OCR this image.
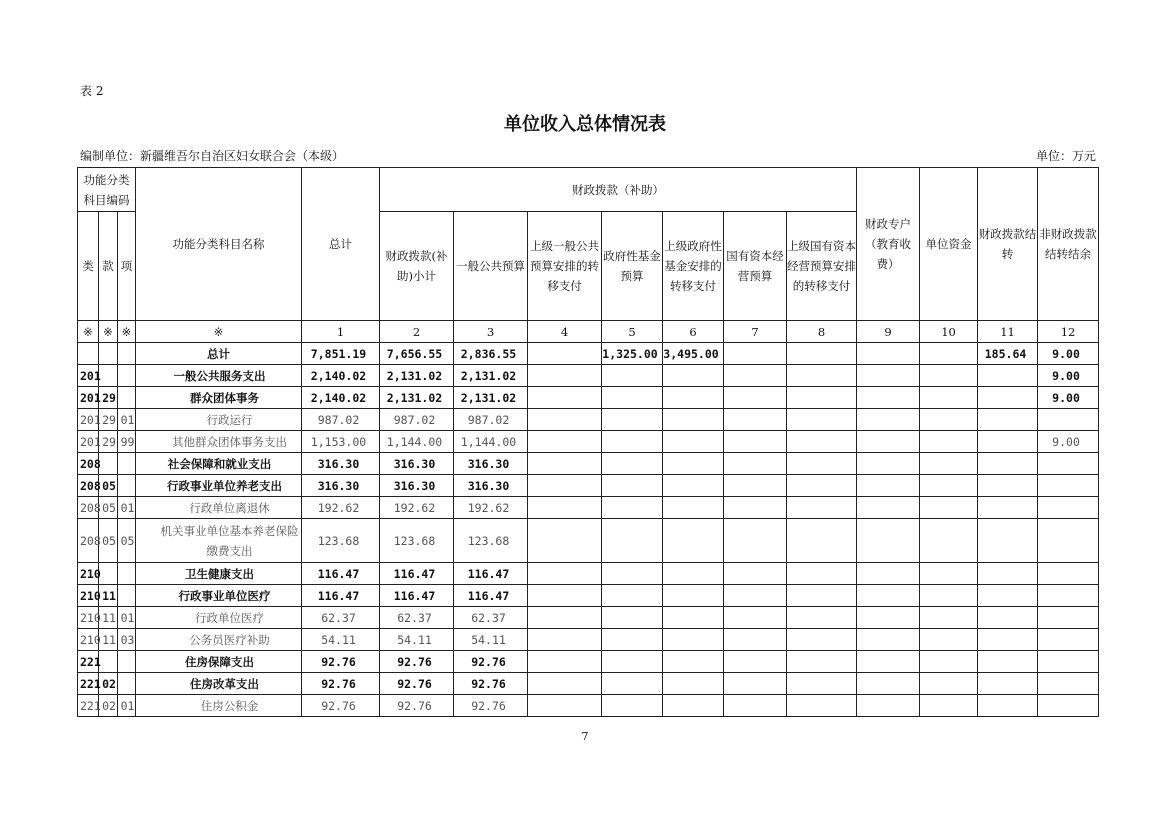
表 2
单位收入总体情况表
编制单位：新疆维吾尔自治区妇女联合会（本级）	单位：万元
功能分类科目编码			功能分类科目名称	总计	财政拨款（补助）							财政专户（教育收费）	单位资金	财政拨款结转	非财政拨款结转结余
类	款	项			财政拨款(补助)小计	一般公共预算	上级一般公共预算安排的转移支付	政府性基金预算	上级政府性基金安排的转移支付	国有资本经营预算	上级国有资本经营预算安排的转移支付				
※	※	※	※	1	2	3	4	5	6	7	8	9	10	11	12
			总计	7,851.19	7,656.55	2,836.55		1,325.00	3,495.00					185.64	9.00
201			一般公共服务支出	2,140.02	2,131.02	2,131.02									9.00
201	29		群众团体事务	2,140.02	2,131.02	2,131.02									9.00
201	29	01	行政运行	987.02	987.02	987.02									
201	29	99	其他群众团体事务支出	1,153.00	1,144.00	1,144.00									9.00
208			社会保障和就业支出	316.30	316.30	316.30									
208	05		行政事业单位养老支出	316.30	316.30	316.30									
208	05	01	行政单位离退休	192.62	192.62	192.62									
208	05	05	机关事业单位基本养老保险缴费支出	123.68	123.68	123.68									
210			卫生健康支出	116.47	116.47	116.47									
210	11		行政事业单位医疗	116.47	116.47	116.47									
210	11	01	行政单位医疗	62.37	62.37	62.37									
210	11	03	公务员医疗补助	54.11	54.11	54.11									
221			住房保障支出	92.76	92.76	92.76									
221	02		住房改革支出	92.76	92.76	92.76									
221	02	01	住房公积金	92.76	92.76	92.76									
7
